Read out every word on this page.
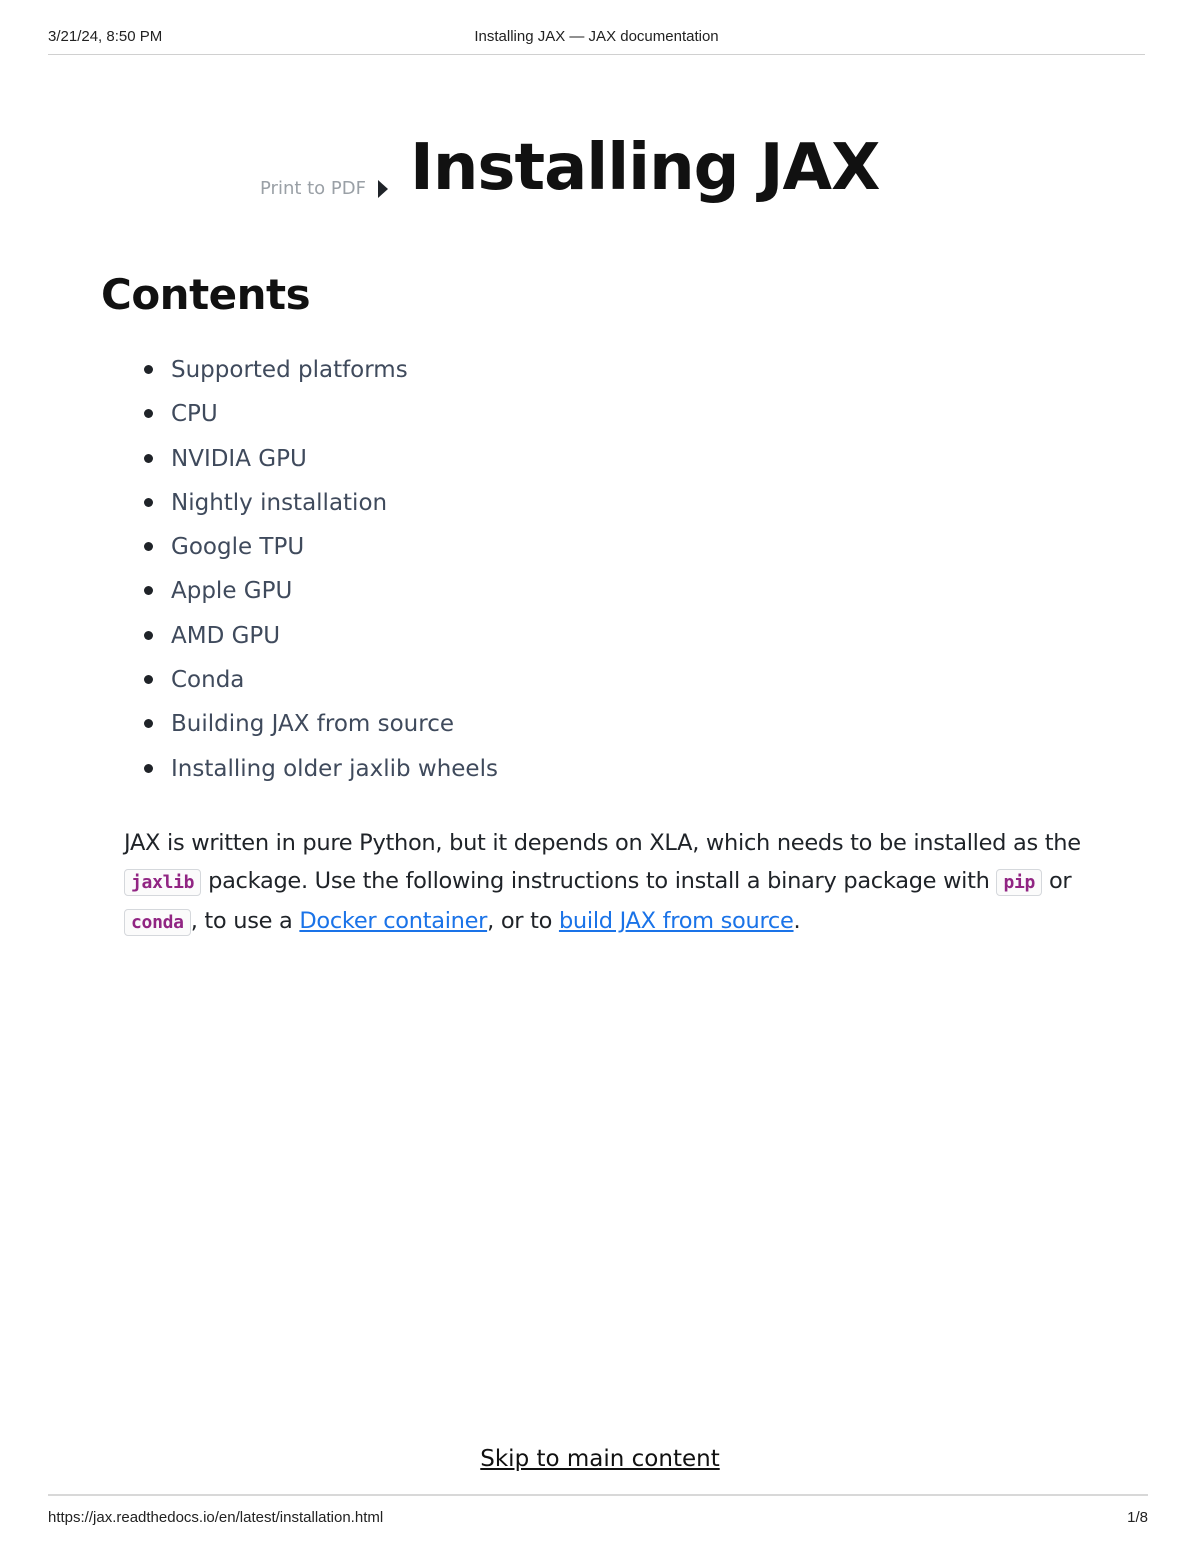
3/21/24, 8:50 PM	Installing JAX — JAX documentation
Print to PDF Installing JAX
Contents
Supported platforms
CPU
NVIDIA GPU
Nightly installation
Google TPU
Apple GPU
AMD GPU
Conda
Building JAX from source
Installing older jaxlib wheels

JAX is written in pure Python, but it depends on XLA, which needs to be installed as the jaxlib package. Use the following instructions to install a binary package with pip or conda , to use a Docker container, or to build JAX from source.

Skip to main content
https://jax.readthedocs.io/en/latest/installation.html	1/8
